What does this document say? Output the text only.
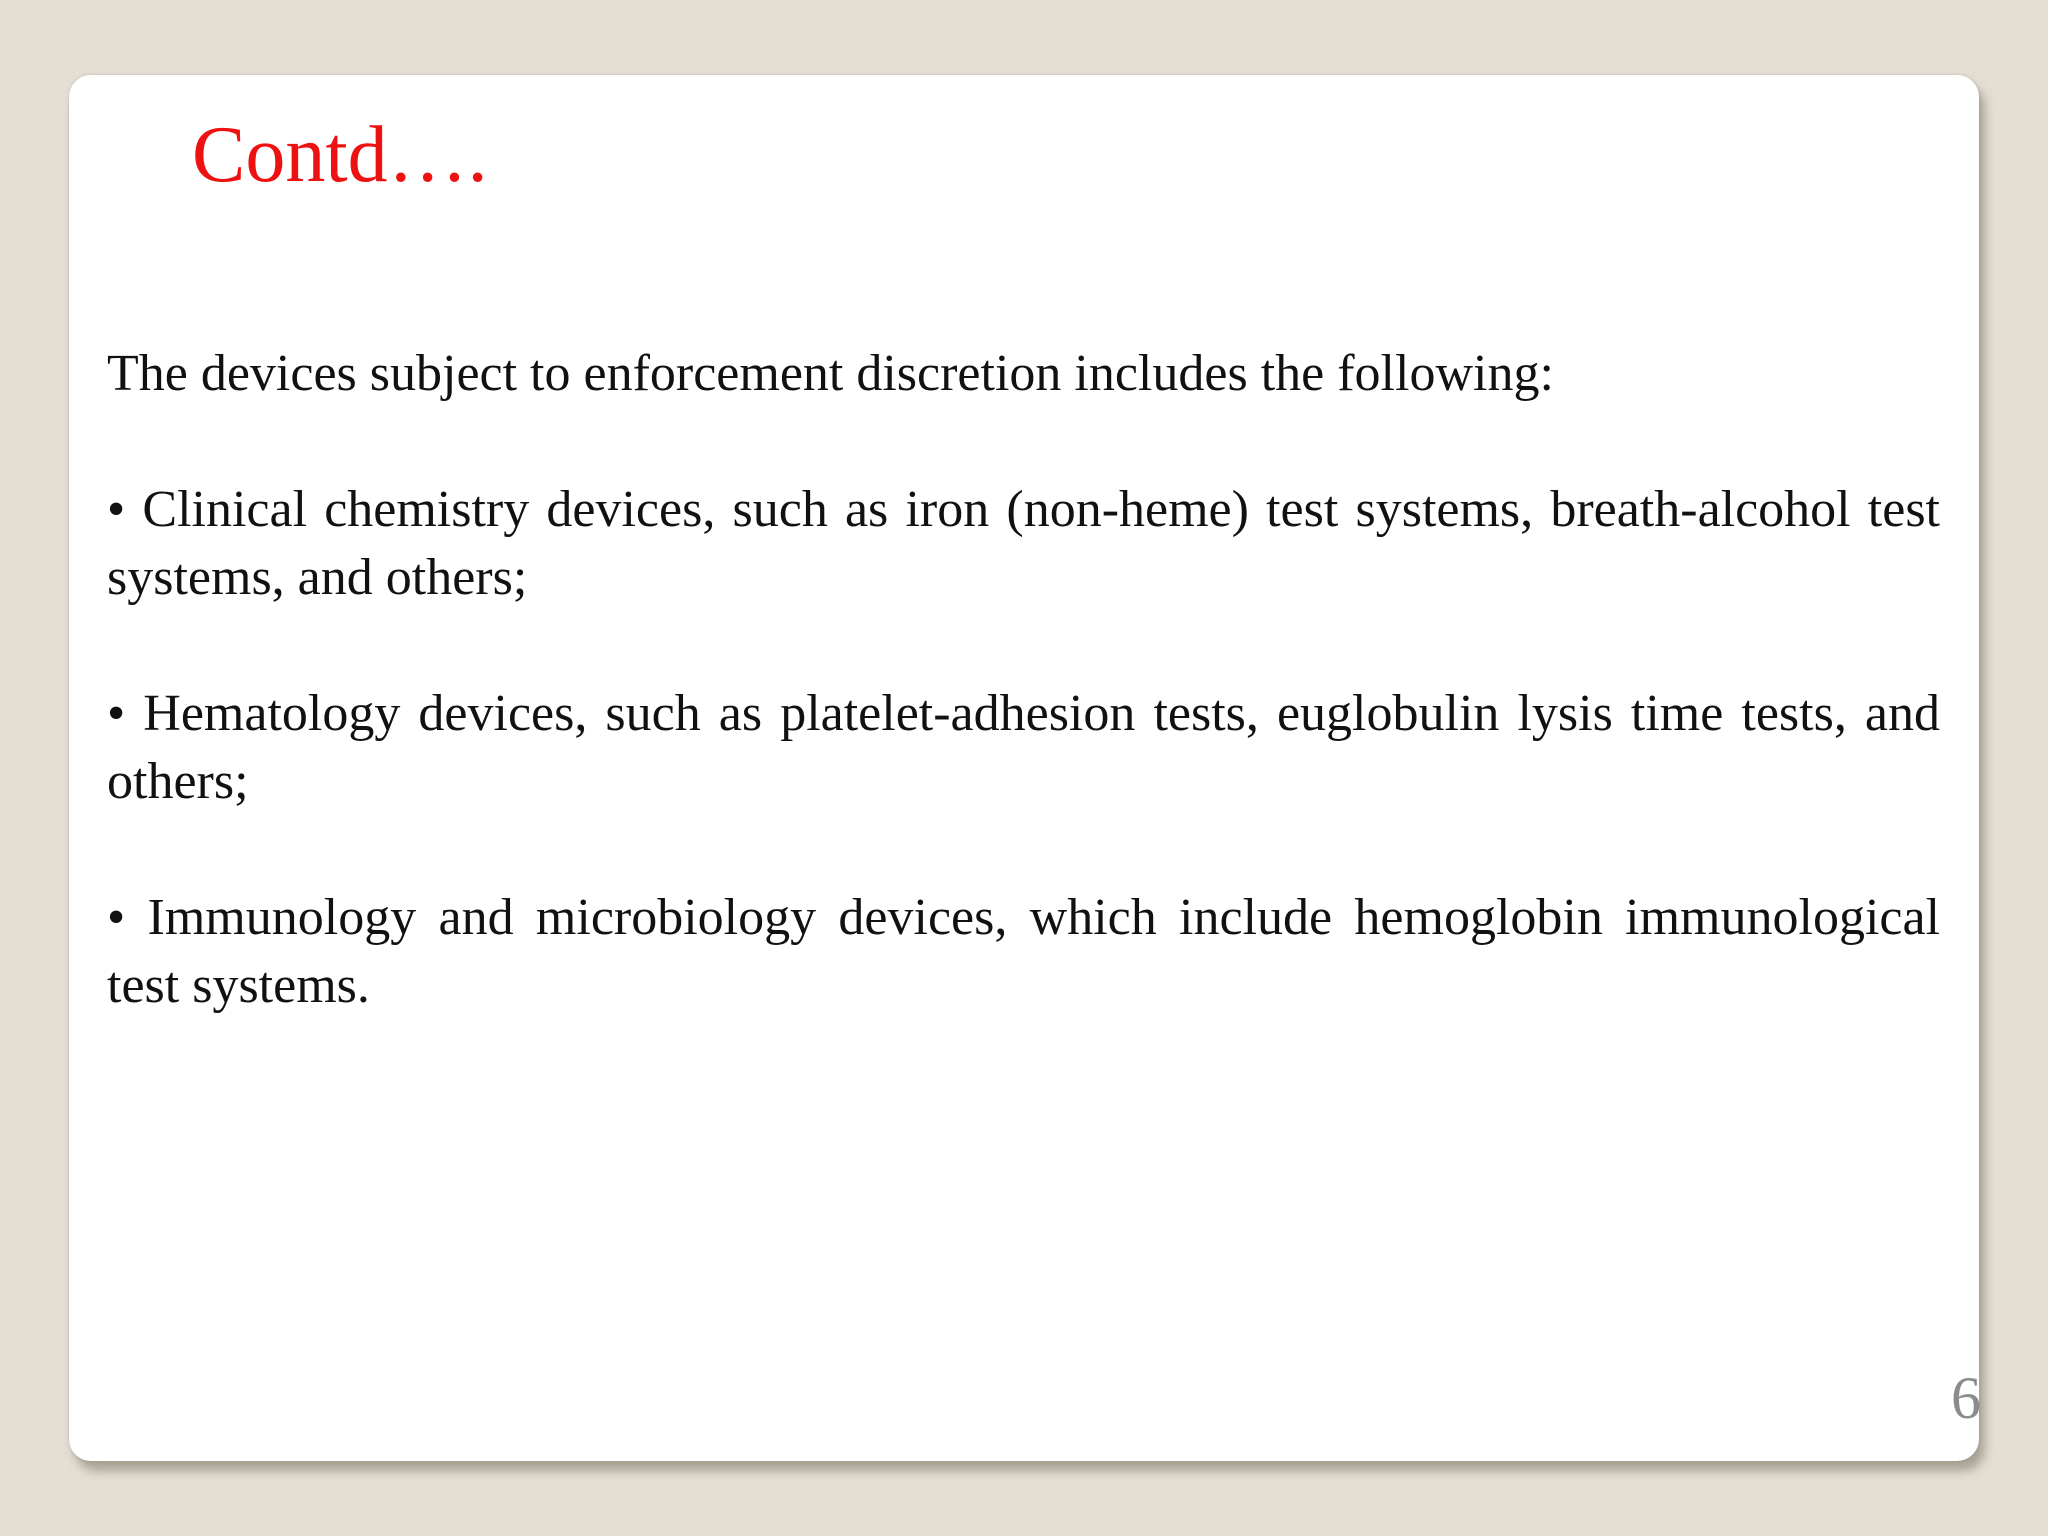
Contd….

The devices subject to enforcement discretion includes the following:

• Clinical chemistry devices, such as iron (non-heme) test systems, breath-alcohol test systems, and others;

• Hematology devices, such as platelet-adhesion tests, euglobulin lysis time tests, and others;

• Immunology and microbiology devices, which include hemoglobin immunological test systems.

6
